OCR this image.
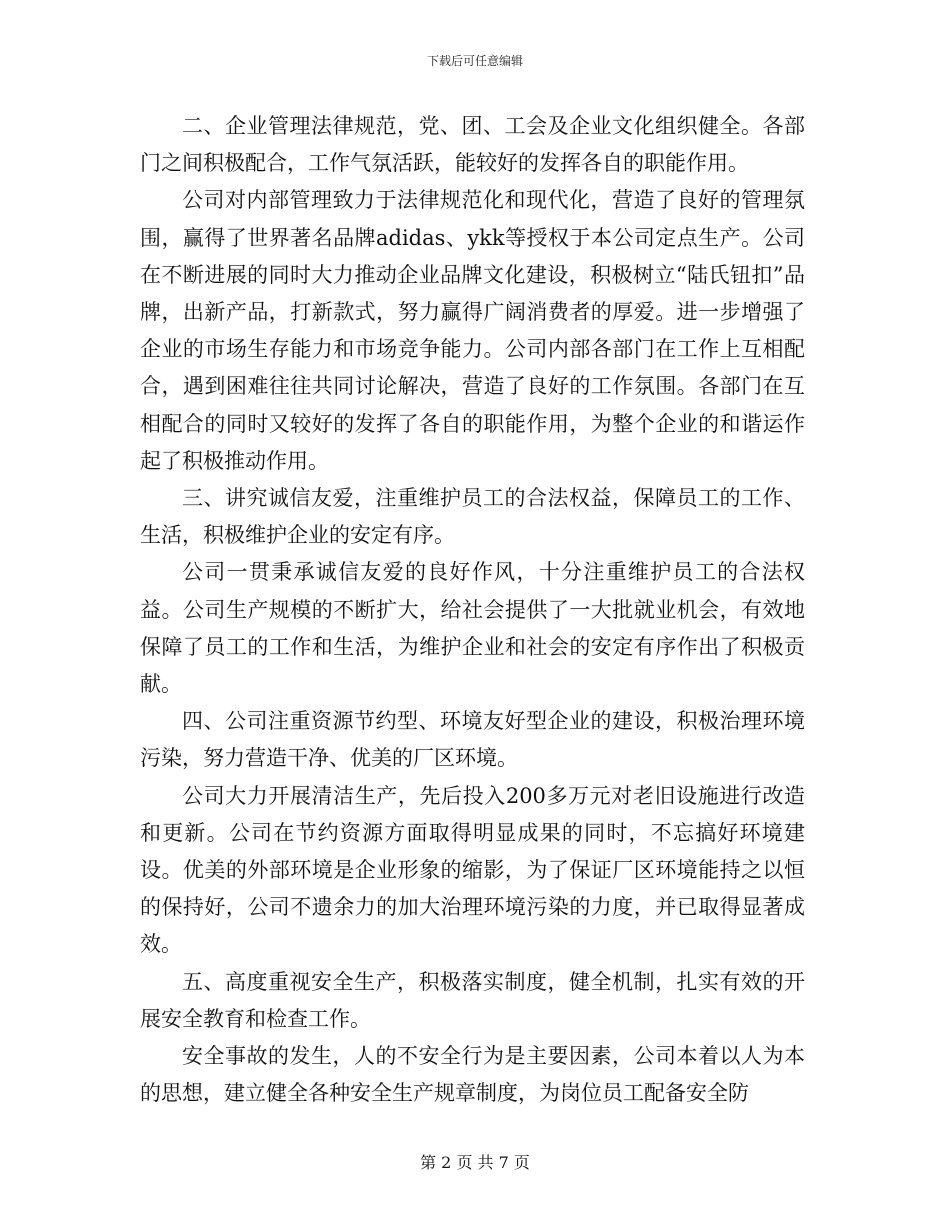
下载后可任意编辑

二、企业管理法律规范，党、团、工会及企业文化组织健全。各部门之间积极配合，工作气氛活跃，能较好的发挥各自的职能作用。

公司对内部管理致力于法律规范化和现代化，营造了良好的管理氛围，赢得了世界著名品牌adidas、ykk等授权于本公司定点生产。公司在不断进展的同时大力推动企业品牌文化建设，积极树立“陆氏钮扣”品牌，出新产品，打新款式，努力赢得广阔消费者的厚爱。进一步增强了企业的市场生存能力和市场竞争能力。公司内部各部门在工作上互相配合，遇到困难往往共同讨论解决，营造了良好的工作氛围。各部门在互相配合的同时又较好的发挥了各自的职能作用，为整个企业的和谐运作起了积极推动作用。

三、讲究诚信友爱，注重维护员工的合法权益，保障员工的工作、生活，积极维护企业的安定有序。

公司一贯秉承诚信友爱的良好作风，十分注重维护员工的合法权益。公司生产规模的不断扩大，给社会提供了一大批就业机会，有效地保障了员工的工作和生活，为维护企业和社会的安定有序作出了积极贡献。

四、公司注重资源节约型、环境友好型企业的建设，积极治理环境污染，努力营造干净、优美的厂区环境。

公司大力开展清洁生产，先后投入200多万元对老旧设施进行改造和更新。公司在节约资源方面取得明显成果的同时，不忘搞好环境建设。优美的外部环境是企业形象的缩影，为了保证厂区环境能持之以恒的保持好，公司不遗余力的加大治理环境污染的力度，并已取得显著成效。

五、高度重视安全生产，积极落实制度，健全机制，扎实有效的开展安全教育和检查工作。

安全事故的发生，人的不安全行为是主要因素，公司本着以人为本的思想，建立健全各种安全生产规章制度，为岗位员工配备安全防

第 2 页 共 7 页
